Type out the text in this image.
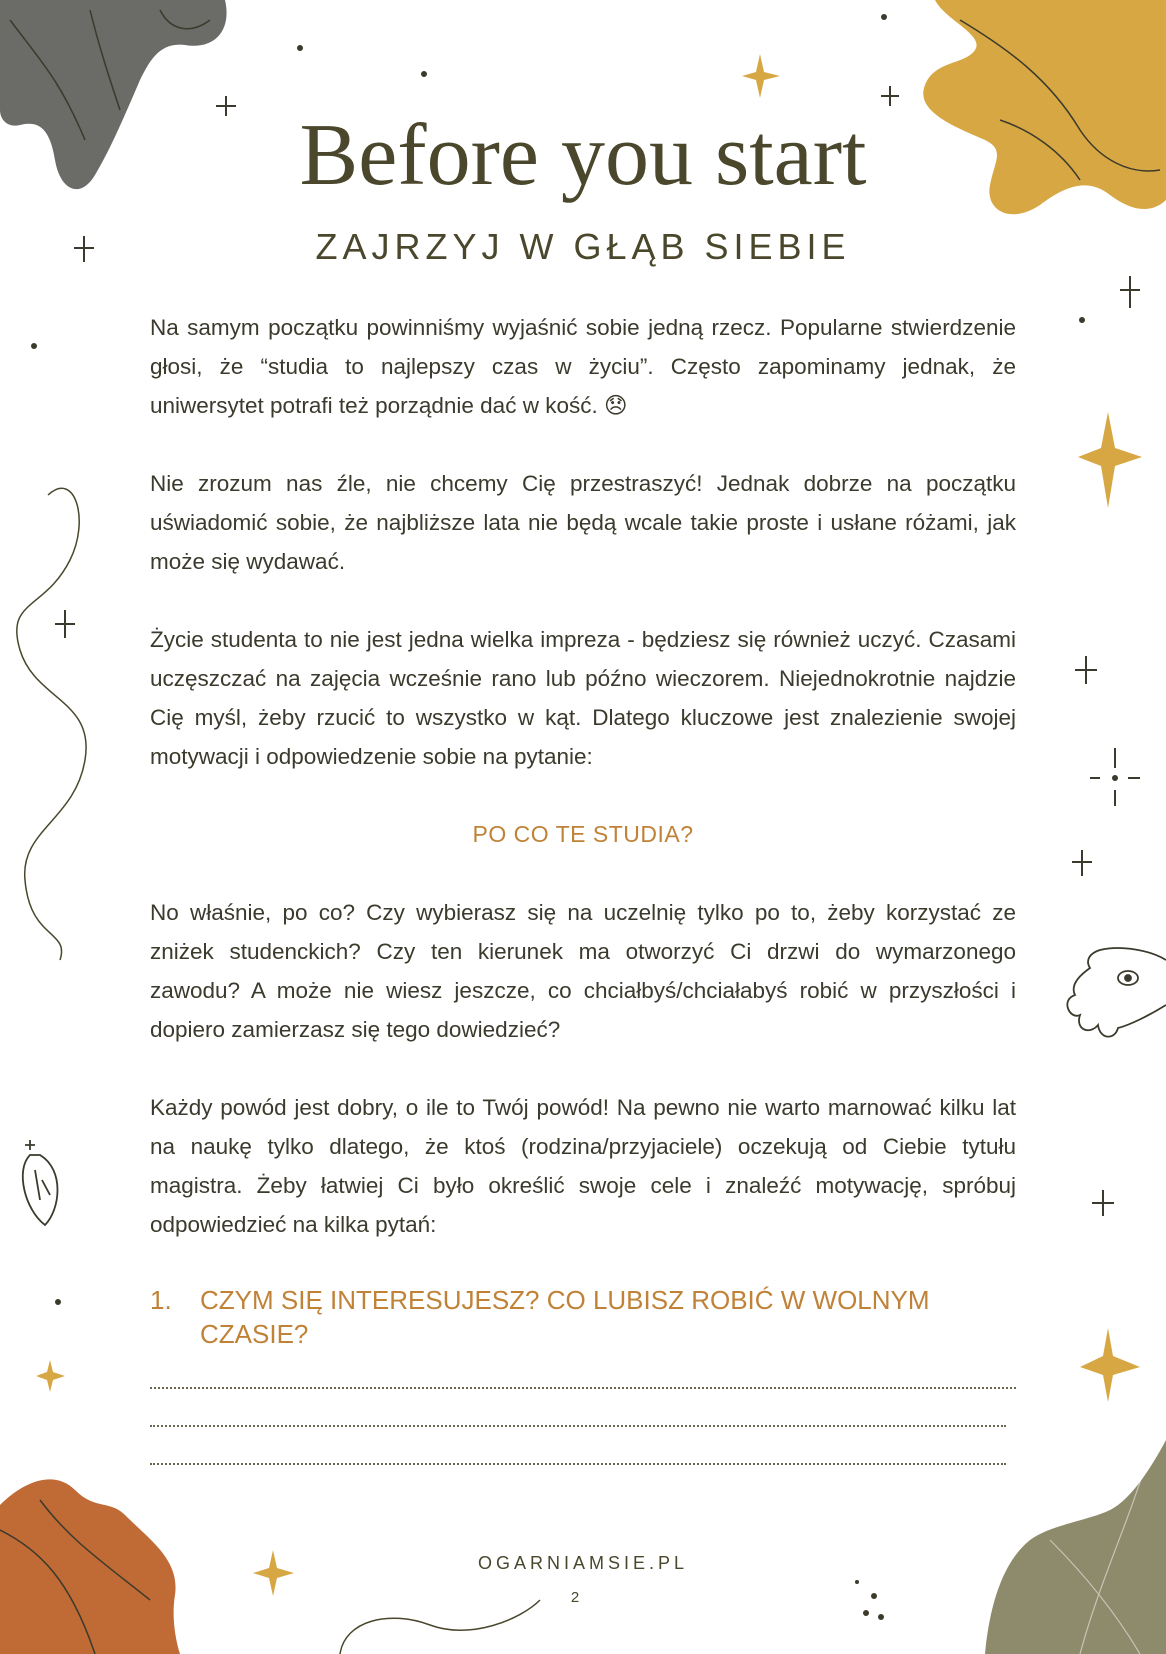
Before you start
ZAJRZYJ W GŁĄB SIEBIE

Na samym początku powinniśmy wyjaśnić sobie jedną rzecz. Popularne stwierdzenie głosi, że “studia to najlepszy czas w życiu”. Często zapominamy jednak, że uniwersytet potrafi też porządnie dać w kość. 😞

Nie zrozum nas źle, nie chcemy Cię przestraszyć! Jednak dobrze na początku uświadomić sobie, że najbliższe lata nie będą wcale takie proste i usłane różami, jak może się wydawać.

Życie studenta to nie jest jedna wielka impreza - będziesz się również uczyć. Czasami uczęszczać na zajęcia wcześnie rano lub późno wieczorem. Niejednokrotnie najdzie Cię myśl, żeby rzucić to wszystko w kąt. Dlatego kluczowe jest znalezienie swojej motywacji i odpowiedzenie sobie na pytanie:

PO CO TE STUDIA?

No właśnie, po co? Czy wybierasz się na uczelnię tylko po to, żeby korzystać ze zniżek studenckich? Czy ten kierunek ma otworzyć Ci drzwi do wymarzonego zawodu? A może nie wiesz jeszcze, co chciałbyś/chciałabyś robić w przyszłości i dopiero zamierzasz się tego dowiedzieć?

Każdy powód jest dobry, o ile to Twój powód! Na pewno nie warto marnować kilku lat na naukę tylko dlatego, że ktoś (rodzina/przyjaciele) oczekują od Ciebie tytułu magistra. Żeby łatwiej Ci było określić swoje cele i znaleźć motywację, spróbuj odpowiedzieć na kilka pytań:

1.	CZYM SIĘ INTERESUJESZ? CO LUBISZ ROBIĆ W WOLNYM CZASIE?
OGARNIAMSIE.PL
2
